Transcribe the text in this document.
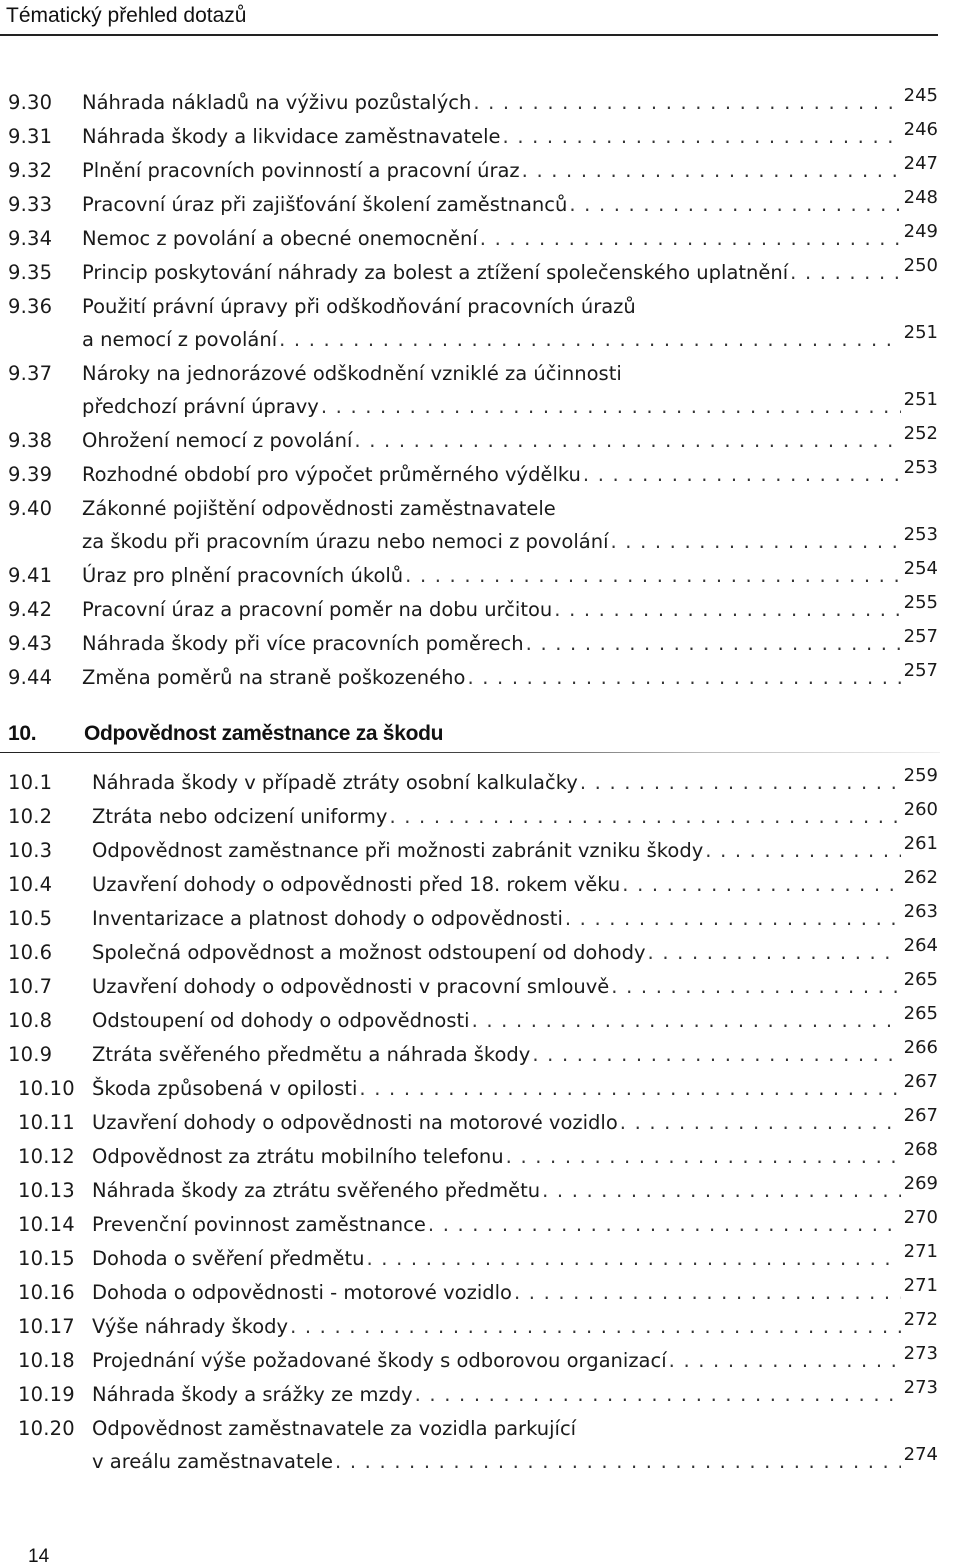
Tématický přehled dotazů
9.30 Náhrada nákladů na výživu pozůstalých . . .	245
9.31 Náhrada škody a likvidace zaměstnavatele . . .	246
9.32 Plnění pracovních povinností a pracovní úraz . . .	247
9.33 Pracovní úraz při zajišťování školení zaměstnanců . . .	248
9.34 Nemoc z povolání a obecné onemocnění . . .	249
9.35 Princip poskytování náhrady za bolest a ztížení společenského uplatnění . . .	250
9.36 Použití právní úpravy při odškodňování pracovních úrazů
a nemocí z povolání . . .	251
9.37 Nároky na jednorázové odškodnění vzniklé za účinnosti
předchozí právní úpravy . . .	251
9.38 Ohrožení nemocí z povolání . . .	252
9.39 Rozhodné období pro výpočet průměrného výdělku . . .	253
9.40 Zákonné pojištění odpovědnosti zaměstnavatele
za škodu při pracovním úrazu nebo nemoci z povolání . . .	253
9.41 Úraz pro plnění pracovních úkolů . . .	254
9.42 Pracovní úraz a pracovní poměr na dobu určitou . . .	255
9.43 Náhrada škody při více pracovních poměrech . . .	257
9.44 Změna poměrů na straně poškozeného . . .	257
10.1 Náhrada škody v případě ztráty osobní kalkulačky . . .	259
10.2 Ztráta nebo odcizení uniformy . . .	260
10.3 Odpovědnost zaměstnance při možnosti zabránit vzniku škody . . .	261
10.4 Uzavření dohody o odpovědnosti před 18. rokem věku . . .	262
10.5 Inventarizace a platnost dohody o odpovědnosti . . .	263
10.6 Společná odpovědnost a možnost odstoupení od dohody . . .	264
10.7 Uzavření dohody o odpovědnosti v pracovní smlouvě . . .	265
10.8 Odstoupení od dohody o odpovědnosti . . .	265
10.9 Ztráta svěřeného předmětu a náhrada škody . . .	266
10.10 Škoda způsobená v opilosti . . .	267
10.11 Uzavření dohody o odpovědnosti na motorové vozidlo . . .	267
10.12 Odpovědnost za ztrátu mobilního telefonu . . .	268
10.13 Náhrada škody za ztrátu svěřeného předmětu . . .	269
10.14 Prevenční povinnost zaměstnance . . .	270
10.15 Dohoda o svěření předmětu . . .	271
10.16 Dohoda o odpovědnosti - motorové vozidlo . . .	271
10.17 Výše náhrady škody . . .	272
10.18 Projednání výše požadované škody s odborovou organizací . . .	273
10.19 Náhrada škody a srážky ze mzdy . . .	273
10.20 Odpovědnost zaměstnavatele za vozidla parkující
v areálu zaměstnavatele . . .	274
10. Odpovědnost zaměstnance za škodu
14
